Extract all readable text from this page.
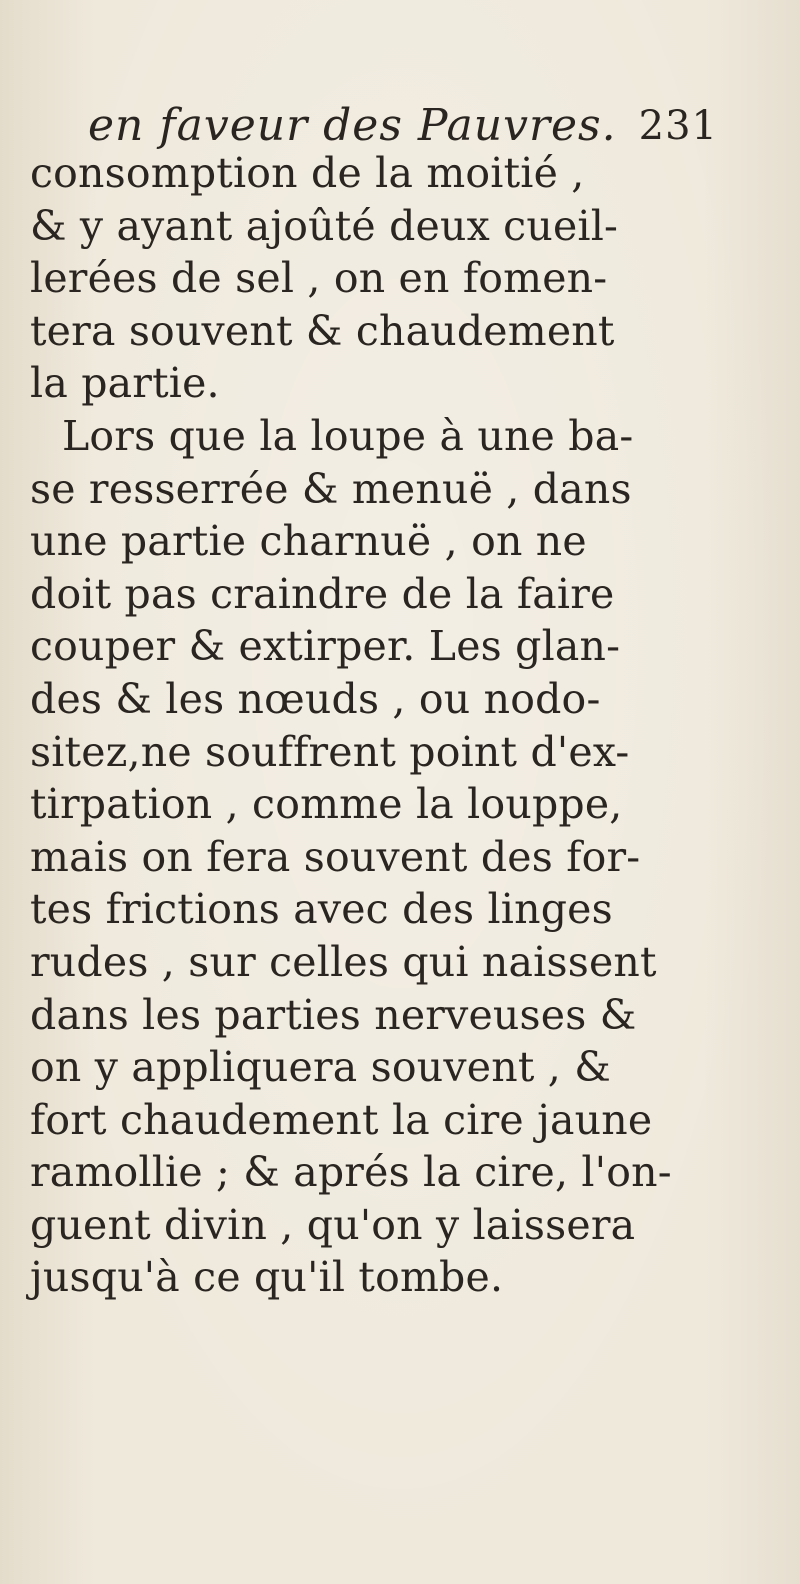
en faveur des Pauvres. 231
consomption de la moitié ,
& y ayant ajoûté deux cueil-
lerées de sel , on en fomen-
tera souvent & chaudement
la partie.
Lors que la loupe à une ba-
se resserrée & menuë , dans
une partie charnuë , on ne
doit pas craindre de la faire
couper & extirper. Les glan-
des & les nœuds , ou nodo-
sitez,ne souffrent point d'ex-
tirpation , comme la louppe,
mais on fera souvent des for-
tes frictions avec des linges
rudes , sur celles qui naissent
dans les parties nerveuses &
on y appliquera souvent , &
fort chaudement la cire jaune
ramollie ; & aprés la cire, l'on-
guent divin , qu'on y laissera
jusqu'à ce qu'il tombe.
